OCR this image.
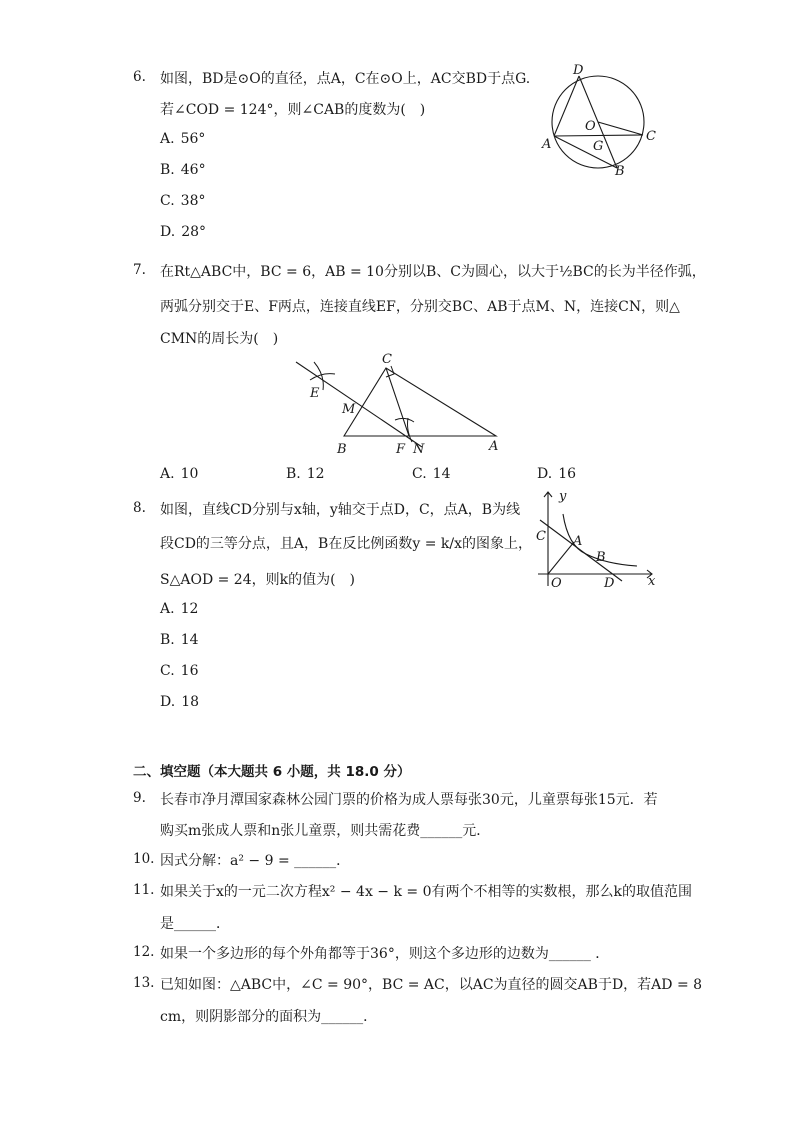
6. 如图，BD是⊙O的直径，点A，C在⊙O上，AC交BD于点G.
若∠COD = 124°，则∠CAB的度数为(　)
A. 56°
B. 46°
C. 38°
D. 28°
D
O
C
A	G
B
7. 在Rt△ABC中，BC = 6，AB = 10分别以B、C为圆心，以大于½BC的长为半径作弧，
两弧分别交于E、F两点，连接直线EF，分别交BC、AB于点M、N，连接CN，则△
CMN的周长为(　)
C
E
M
B	F N	A
A. 10	B. 12	C. 14	D. 16
8. 如图，直线CD分别与x轴，y轴交于点D，C，点A，B为线
段CD的三等分点，且A，B在反比例函数y = k/x的图象上，
S△AOD = 24，则k的值为(　)
A. 12
B. 14
C. 16
D. 18
y
x
C A
B
O	D
二、填空题（本大题共 6 小题，共 18.0 分）
9. 长春市净月潭国家森林公园门票的价格为成人票每张30元，儿童票每张15元．若
购买m张成人票和n张儿童票，则共需花费______元．
10. 因式分解：a² − 9 = ______．
11. 如果关于x的一元二次方程x² − 4x − k = 0有两个不相等的实数根，那么k的取值范围
是______．
12. 如果一个多边形的每个外角都等于36°，则这个多边形的边数为______ ．
13. 已知如图：△ABC中，∠C = 90°，BC = AC，以AC为直径的圆交AB于D，若AD = 8
cm，则阴影部分的面积为______．
